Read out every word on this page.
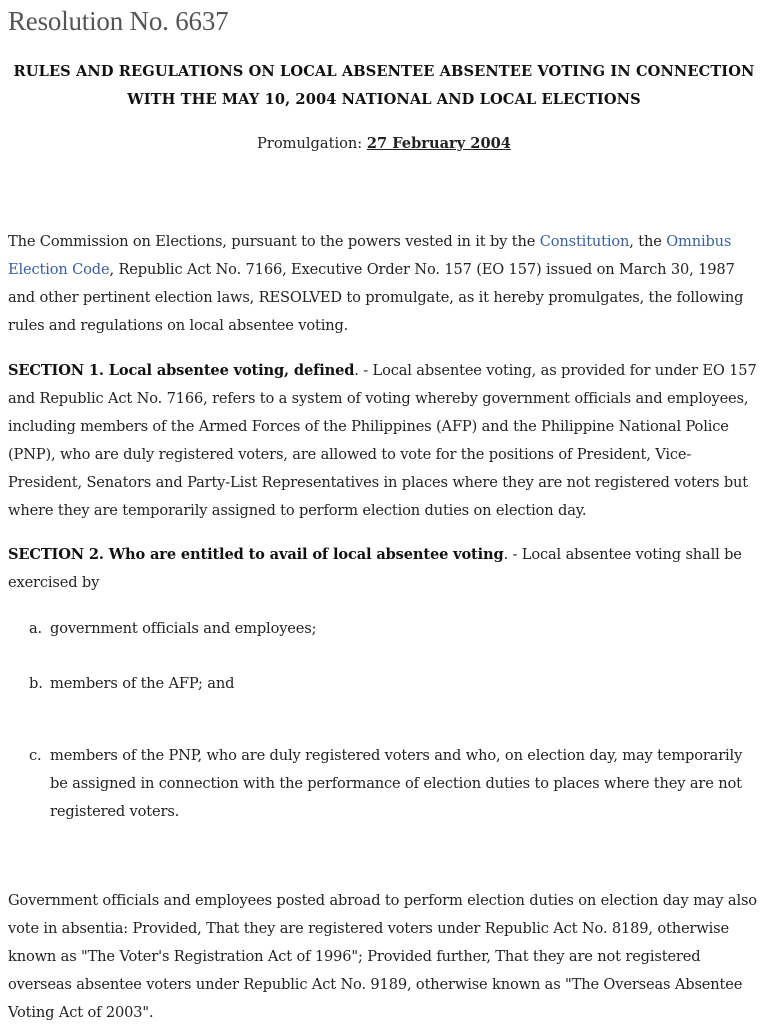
Resolution No. 6637
RULES AND REGULATIONS ON LOCAL ABSENTEE ABSENTEE VOTING IN CONNECTION WITH THE MAY 10, 2004 NATIONAL AND LOCAL ELECTIONS
Promulgation: 27 February 2004

The Commission on Elections, pursuant to the powers vested in it by the Constitution, the Omnibus Election Code, Republic Act No. 7166, Executive Order No. 157 (EO 157) issued on March 30, 1987 and other pertinent election laws, RESOLVED to promulgate, as it hereby promulgates, the following rules and regulations on local absentee voting.

SECTION 1. Local absentee voting, defined. - Local absentee voting, as provided for under EO 157 and Republic Act No. 7166, refers to a system of voting whereby government officials and employees, including members of the Armed Forces of the Philippines (AFP) and the Philippine National Police (PNP), who are duly registered voters, are allowed to vote for the positions of President, Vice-President, Senators and Party-List Representatives in places where they are not registered voters but where they are temporarily assigned to perform election duties on election day.

SECTION 2. Who are entitled to avail of local absentee voting. - Local absentee voting shall be exercised by

a. government officials and employees;
b. members of the AFP; and
c. members of the PNP, who are duly registered voters and who, on election day, may temporarily be assigned in connection with the performance of election duties to places where they are not registered voters.

Government officials and employees posted abroad to perform election duties on election day may also vote in absentia: Provided, That they are registered voters under Republic Act No. 8189, otherwise known as "The Voter's Registration Act of 1996"; Provided further, That they are not registered overseas absentee voters under Republic Act No. 9189, otherwise known as "The Overseas Absentee Voting Act of 2003".
